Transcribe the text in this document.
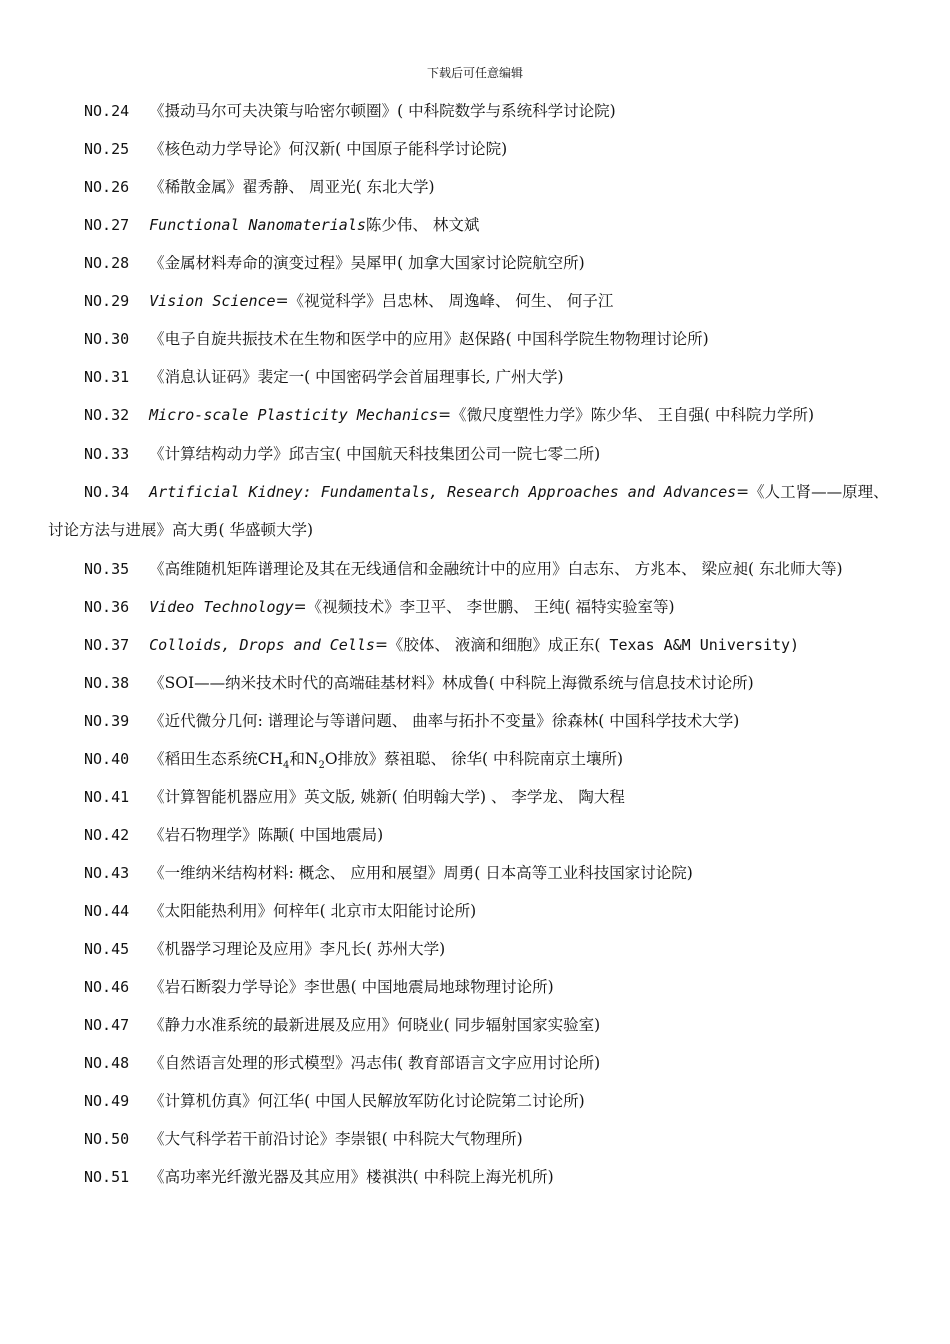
下载后可任意编辑
NO.24 《摄动马尔可夫决策与哈密尔顿圈》( 中科院数学与系统科学讨论院)
NO.25 《核色动力学导论》何汉新( 中国原子能科学讨论院)
NO.26 《稀散金属》翟秀静、 周亚光( 东北大学)
NO.27 Functional Nanomaterials陈少伟、 林文斌
NO.28 《金属材料寿命的演变过程》吴犀甲( 加拿大国家讨论院航空所)
NO.29 Vision Science=《视觉科学》吕忠林、 周逸峰、 何生、 何子江
NO.30 《电子自旋共振技术在生物和医学中的应用》赵保路( 中国科学院生物物理讨论所)
NO.31 《消息认证码》裴定一( 中国密码学会首届理事长, 广州大学)
NO.32 Micro-scale Plasticity Mechanics=《微尺度塑性力学》陈少华、 王自强( 中科院力学所)
NO.33 《计算结构动力学》邱吉宝( 中国航天科技集团公司一院七零二所)
NO.34 Artificial Kidney: Fundamentals, Research Approaches and Advances=《人工肾——原理、 讨论方法与进展》高大勇( 华盛顿大学)
NO.35 《高维随机矩阵谱理论及其在无线通信和金融统计中的应用》白志东、 方兆本、 梁应昶( 东北师大等)
NO.36 Video Technology=《视频技术》李卫平、 李世鹏、 王纯( 福特实验室等)
NO.37 Colloids, Drops and Cells=《胶体、 液滴和细胞》成正东( Texas A&M University)
NO.38 《SOI——纳米技术时代的高端硅基材料》林成鲁( 中科院上海微系统与信息技术讨论所)
NO.39 《近代微分几何: 谱理论与等谱问题、 曲率与拓扑不变量》徐森林( 中国科学技术大学)
NO.40 《稻田生态系统$CH_4$和$N_2O$排放》蔡祖聪、 徐华( 中科院南京土壤所)
NO.41 《计算智能机器应用》英文版, 姚新( 伯明翰大学) 、 李学龙、 陶大程
NO.42 《岩石物理学》陈颙( 中国地震局)
NO.43 《一维纳米结构材料: 概念、 应用和展望》周勇( 日本高等工业科技国家讨论院)
NO.44 《太阳能热利用》何梓年( 北京市太阳能讨论所)
NO.45 《机器学习理论及应用》李凡长( 苏州大学)
NO.46 《岩石断裂力学导论》李世愚( 中国地震局地球物理讨论所)
NO.47 《静力水准系统的最新进展及应用》何晓业( 同步辐射国家实验室)
NO.48 《自然语言处理的形式模型》冯志伟( 教育部语言文字应用讨论所)
NO.49 《计算机仿真》何江华( 中国人民解放军防化讨论院第二讨论所)
NO.50 《大气科学若干前沿讨论》李崇银( 中科院大气物理所)
NO.51 《高功率光纤激光器及其应用》楼祺洪( 中科院上海光机所)
